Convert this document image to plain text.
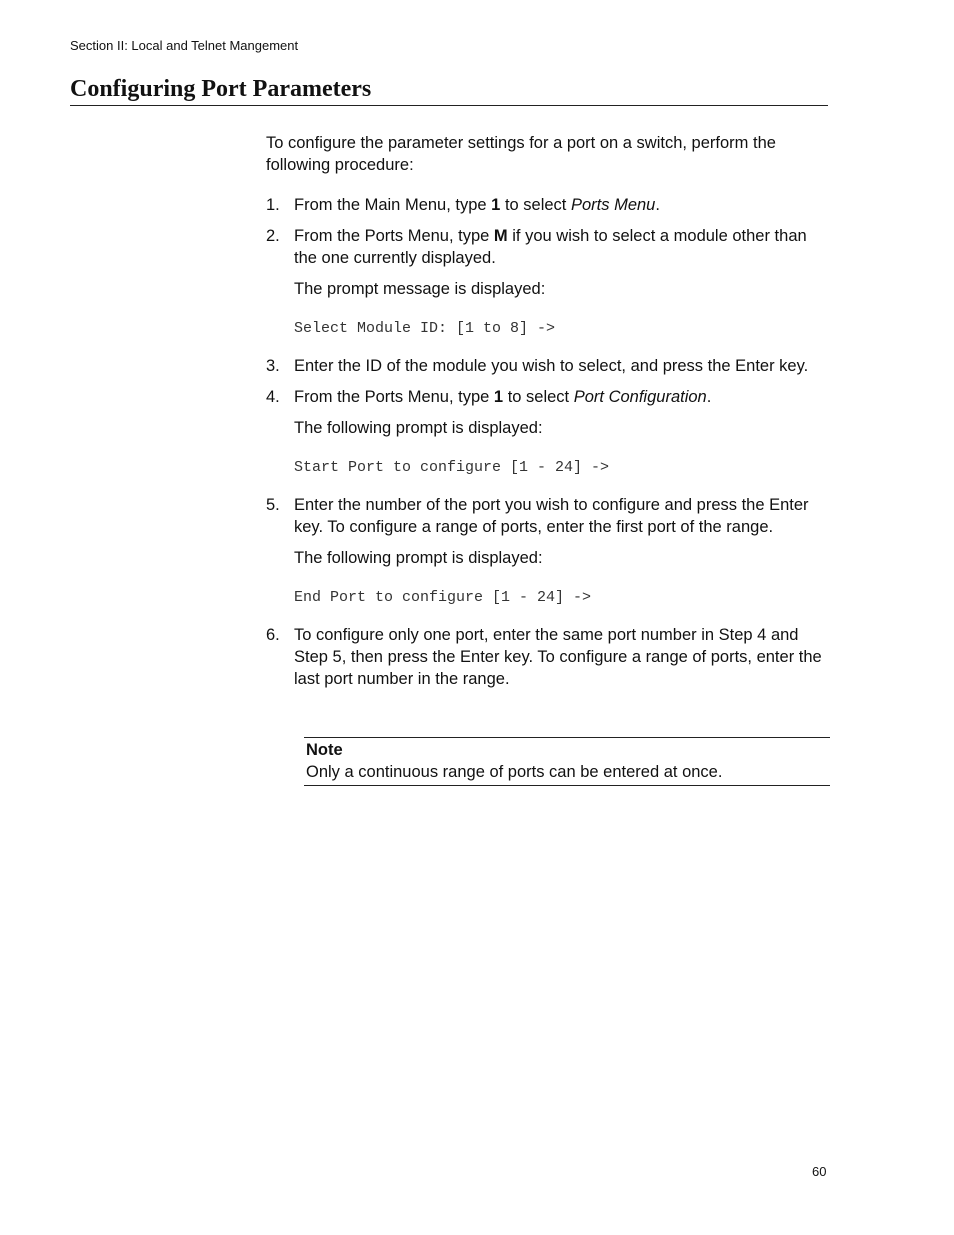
Section II: Local and Telnet Mangement
Configuring Port Parameters

To configure the parameter settings for a port on a switch, perform the following procedure:

1. From the Main Menu, type 1 to select Ports Menu.
2. From the Ports Menu, type M if you wish to select a module other than the one currently displayed.

The prompt message is displayed:

Select Module ID: [1 to 8] ->
3. Enter the ID of the module you wish to select, and press the Enter key.
4. From the Ports Menu, type 1 to select Port Configuration.

The following prompt is displayed:

Start Port to configure [1 - 24] ->
5. Enter the number of the port you wish to configure and press the Enter key. To configure a range of ports, enter the first port of the range.

The following prompt is displayed:

End Port to configure [1 - 24] ->
6. To configure only one port, enter the same port number in Step 4 and Step 5, then press the Enter key. To configure a range of ports, enter the last port number in the range.
Note
Only a continuous range of ports can be entered at once.
60
